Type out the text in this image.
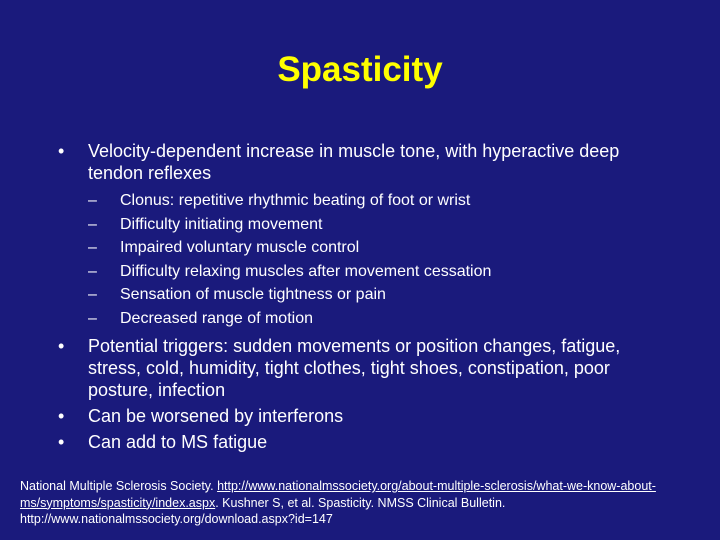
Spasticity
• Velocity-dependent increase in muscle tone, with hyperactive deep tendon reflexes
– Clonus: repetitive rhythmic beating of foot or wrist
– Difficulty initiating movement
– Impaired voluntary muscle control
– Difficulty relaxing muscles after movement cessation
– Sensation of muscle tightness or pain
– Decreased range of motion
• Potential triggers: sudden movements or position changes, fatigue, stress, cold, humidity, tight clothes, tight shoes, constipation, poor posture, infection
• Can be worsened by interferons
• Can add to MS fatigue
National Multiple Sclerosis Society. http://www.nationalmssociety.org/about-multiple-sclerosis/what-we-know-about-ms/symptoms/spasticity/index.aspx. Kushner S, et al. Spasticity. NMSS Clinical Bulletin. http://www.nationalmssociety.org/download.aspx?id=147
